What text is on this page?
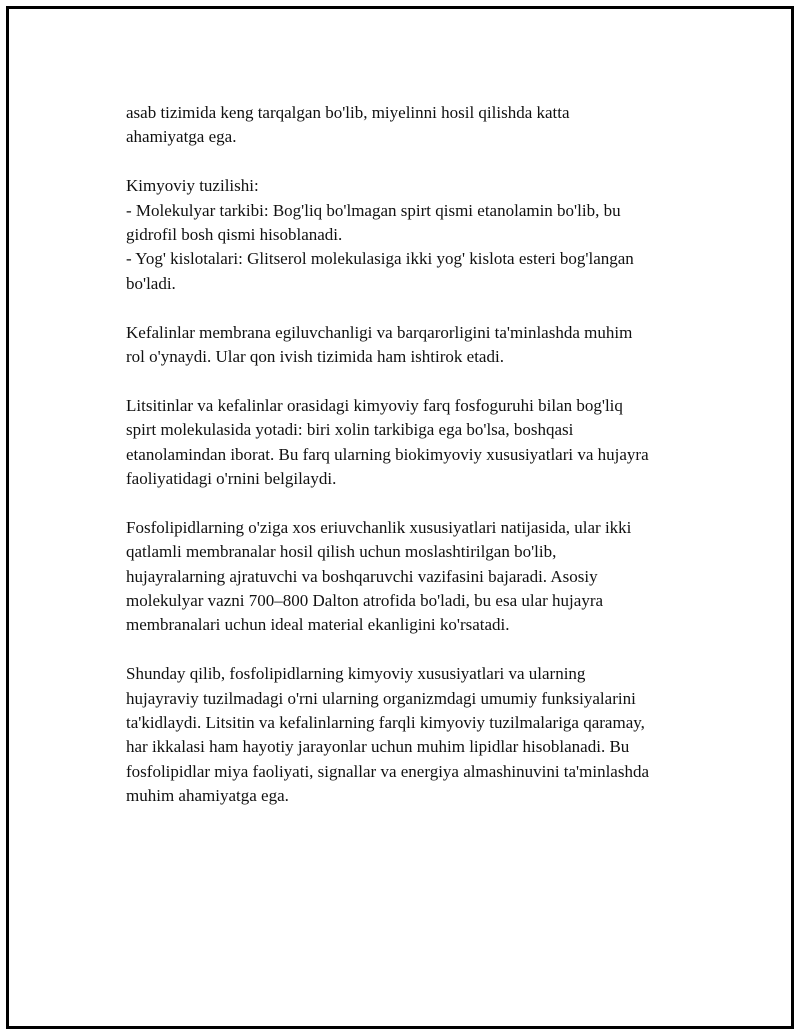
asab tizimida keng tarqalgan bo'lib, miyelinni hosil qilishda katta
ahamiyatga ega.

Kimyoviy tuzilishi:
- Molekulyar tarkibi: Bog'liq bo'lmagan spirt qismi etanolamin bo'lib, bu
gidrofil bosh qismi hisoblanadi.
- Yog' kislotalari: Glitserol molekulasiga ikki yog' kislota esteri bog'langan
bo'ladi.

Kefalinlar membrana egiluvchanligi va barqarorligini ta'minlashda muhim
rol o'ynaydi. Ular qon ivish tizimida ham ishtirok etadi.

Litsitinlar va kefalinlar orasidagi kimyoviy farq fosfoguruhi bilan bog'liq
spirt molekulasida yotadi: biri xolin tarkibiga ega bo'lsa, boshqasi
etanolamindan iborat. Bu farq ularning biokimyoviy xususiyatlari va hujayra
faoliyatidagi o'rnini belgilaydi.

Fosfolipidlarning o'ziga xos eriuvchanlik xususiyatlari natijasida, ular ikki
qatlamli membranalar hosil qilish uchun moslashtirilgan bo'lib,
hujayralarning ajratuvchi va boshqaruvchi vazifasini bajaradi. Asosiy
molekulyar vazni 700–800 Dalton atrofida bo'ladi, bu esa ular hujayra
membranalari uchun ideal material ekanligini ko'rsatadi.

Shunday qilib, fosfolipidlarning kimyoviy xususiyatlari va ularning
hujayraviy tuzilmadagi o'rni ularning organizmdagi umumiy funksiyalarini
ta'kidlaydi. Litsitin va kefalinlarning farqli kimyoviy tuzilmalariga qaramay,
har ikkalasi ham hayotiy jarayonlar uchun muhim lipidlar hisoblanadi. Bu
fosfolipidlar miya faoliyati, signallar va energiya almashinuvini ta'minlashda
muhim ahamiyatga ega.
